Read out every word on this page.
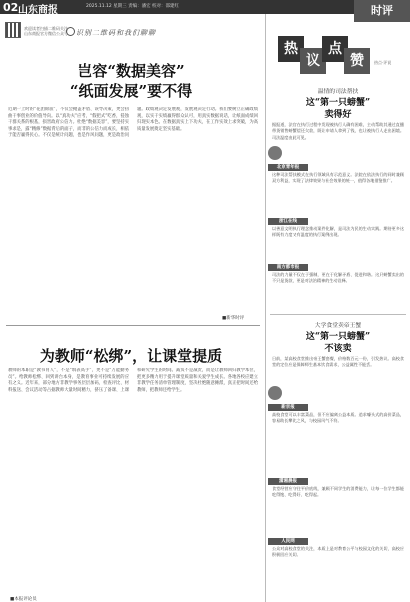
02 山东商报	2025.11.12 星期三 责编：潘宏 校对：邵建红	时评
欢迎读者扫描二维码关注山东商报官方微信公众号 识别二维码和我们聊聊
岂容“数据美容”
“纸面发展”要不得
近期一上时的“花团锦簇”，不仅会掩盖矛盾、误导决策，更会扭曲干事创业的价值导向。以“真功夫”应考，“假把式”吃香，侵蚀干群关系的根基，损害政府公信力。杜绝“数据美容”，要坚持实事求是，露“精修”数据背后的面子，而非的公信力而成长，相依于能否赢得民心。不仅是统计问题，也是作风问题，更是政治问题。政绩观决定发展观，发展观决定行动。我们要树立正确政绩观，以实干实绩赢得群众认可，用真实数据说话，让纸面成绩回归现实本色。在数据真实上下功夫，在工作实效上求突破，为高质量发展奠定坚实基础。
■新华时评
为教师“松绑”，让课堂提质
教师的本职是“教书育人”，不是“填表高手”，更不是“万能勤务员”。给教师松绑、回到讲台本身，是教育事业可持续发展的应有之义。近年来，部分地方非教学事务层层加码，检查评比、材料报送、会议活动等占据教师大量时间精力，挤压了备课、上课和研究学生的时间。减负不是减责，而是让教师回归教学本位，把更多精力用于提升课堂质量和关爱学生成长。各地各校应建立非教学任务清单管理制度，坚决杜绝随意摊派，真正把时间还给教师，把教师还给学生。
热
议
点
赞	热点·评说
温情的司法帮扶
这“第一只螃蟹”
卖得好
据报道，法官在执行过程中发现被执行人确有困难，主动帮助其通过直播带货销售螃蟹偿还欠款，既让申请人拿到了钱，也让被执行人走出困境。司法温度由此可见。
北京青年报
这种司法帮扶模式在执行领域具有示范意义。法院在依法执行的同时兼顾双方利益，实现了法律效果与社会效果的统一，值得各地借鉴推广。
浙江在线
以善意文明执行理念推动案件化解，是司法为民的生动实践。期待更多这样既有力度又有温度的执行案例出现。
南方都市报
司法的力量不仅在于强制，更在于化解矛盾、促进和谐。这只螃蟹卖出的不只是货款，更是对法治精神的生动诠释。
大学食堂卖帝王蟹
这“第一只螃蟹”
不该卖
日前，某高校食堂推出帝王蟹套餐，价格数百元一份，引发热议。高校食堂的定位应是保障师生基本饮食需求，公益属性不能丢。
新京报
高校食堂可以丰富菜品，但不应偏离公益本质。追求噱头式的高价菜品，容易助长攀比之风，与校园风气不符。
潇湘晨报
食堂经营应守住平价底线，兼顾不同学生的消费能力，让每一位学生都能吃得饱、吃得好、吃得起。
人民网
公众对高校食堂的关注，本质上是对教育公平与校园文化的关切，高校应积极回应关切。
■本报评论员
